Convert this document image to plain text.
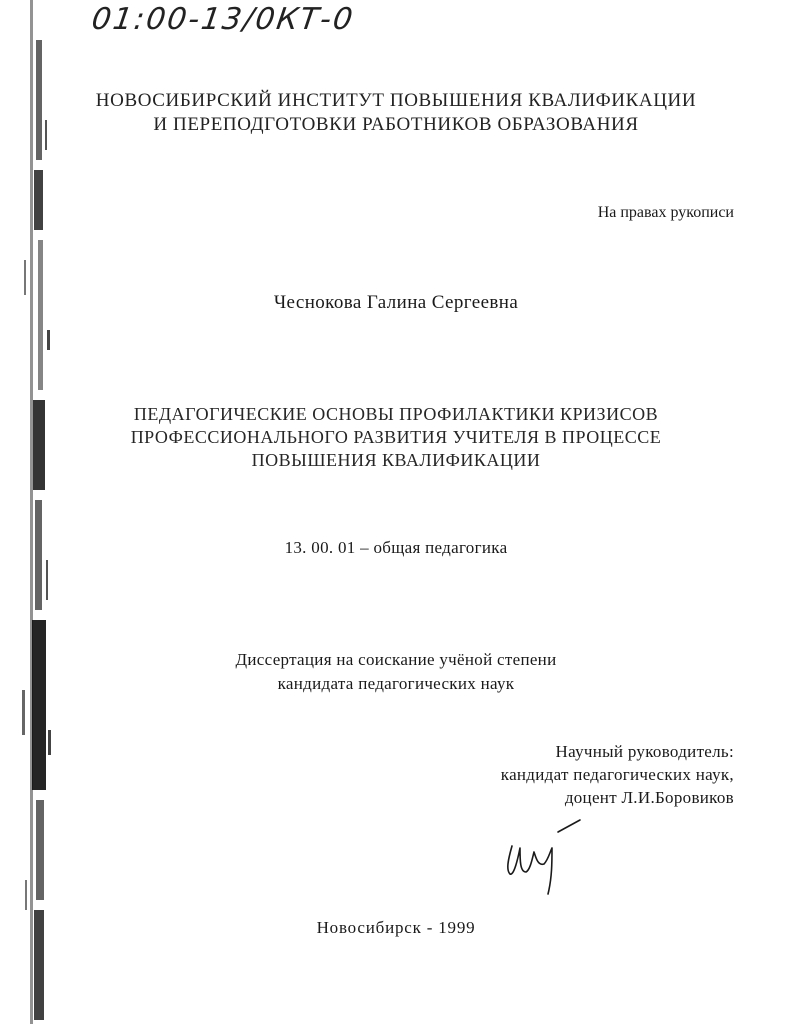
01:00-13/0КТ-0
НОВОСИБИРСКИЙ ИНСТИТУТ ПОВЫШЕНИЯ КВАЛИФИКАЦИИ
И ПЕРЕПОДГОТОВКИ РАБОТНИКОВ ОБРАЗОВАНИЯ
На правах рукописи
Чеснокова Галина Сергеевна
ПЕДАГОГИЧЕСКИЕ ОСНОВЫ ПРОФИЛАКТИКИ КРИЗИСОВ
ПРОФЕССИОНАЛЬНОГО РАЗВИТИЯ УЧИТЕЛЯ В ПРОЦЕССЕ
ПОВЫШЕНИЯ КВАЛИФИКАЦИИ
13. 00. 01 – общая педагогика
Диссертация на соискание учёной степени
кандидата педагогических наук
Научный руководитель:
кандидат педагогических наук,
доцент Л.И.Боровиков
Новосибирск - 1999
